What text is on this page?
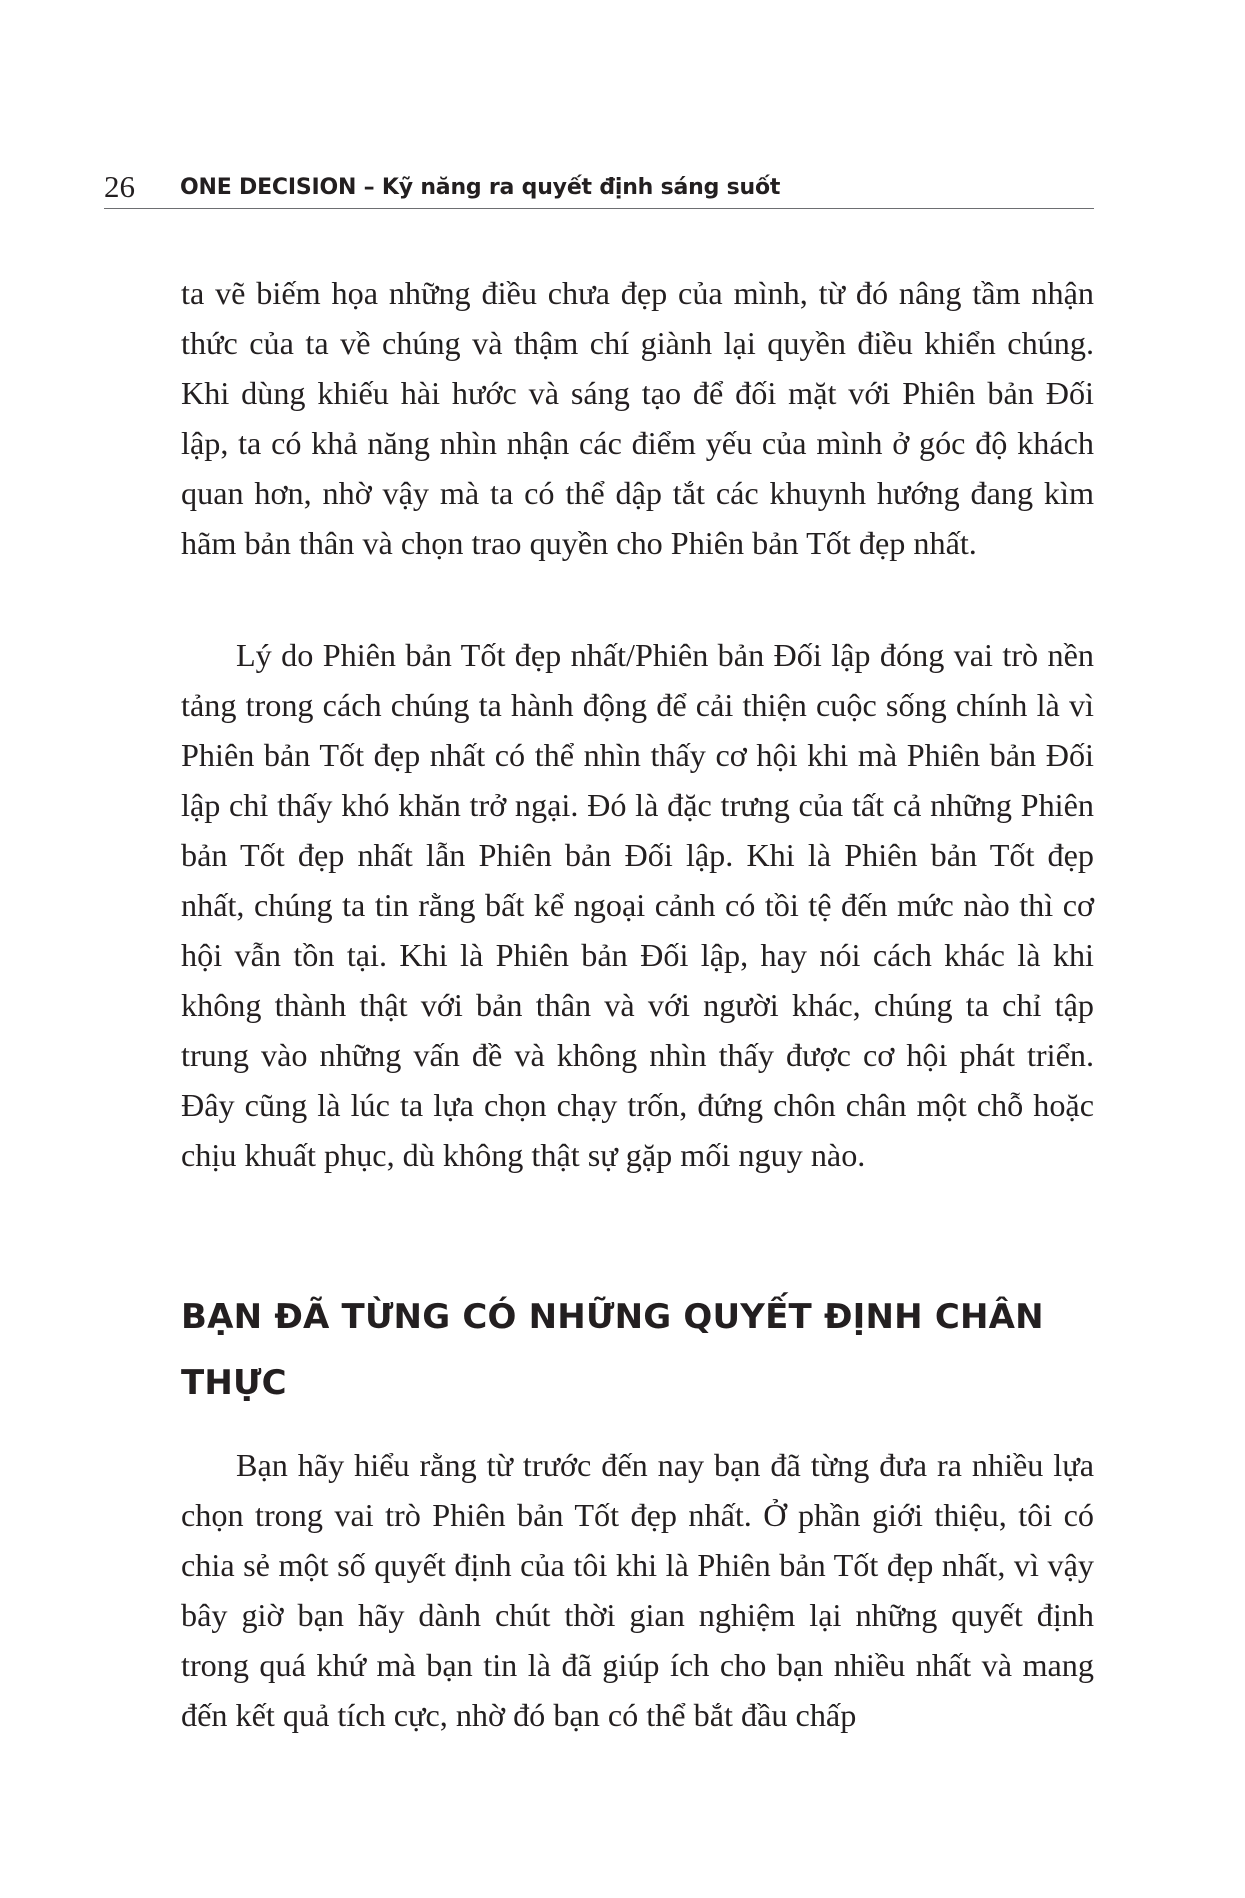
26 ONE DECISION – Kỹ năng ra quyết định sáng suốt

ta vẽ biếm họa những điều chưa đẹp của mình, từ đó nâng tầm nhận thức của ta về chúng và thậm chí giành lại quyền điều khiển chúng. Khi dùng khiếu hài hước và sáng tạo để đối mặt với Phiên bản Đối lập, ta có khả năng nhìn nhận các điểm yếu của mình ở góc độ khách quan hơn, nhờ vậy mà ta có thể dập tắt các khuynh hướng đang kìm hãm bản thân và chọn trao quyền cho Phiên bản Tốt đẹp nhất.

Lý do Phiên bản Tốt đẹp nhất/Phiên bản Đối lập đóng vai trò nền tảng trong cách chúng ta hành động để cải thiện cuộc sống chính là vì Phiên bản Tốt đẹp nhất có thể nhìn thấy cơ hội khi mà Phiên bản Đối lập chỉ thấy khó khăn trở ngại. Đó là đặc trưng của tất cả những Phiên bản Tốt đẹp nhất lẫn Phiên bản Đối lập. Khi là Phiên bản Tốt đẹp nhất, chúng ta tin rằng bất kể ngoại cảnh có tồi tệ đến mức nào thì cơ hội vẫn tồn tại. Khi là Phiên bản Đối lập, hay nói cách khác là khi không thành thật với bản thân và với người khác, chúng ta chỉ tập trung vào những vấn đề và không nhìn thấy được cơ hội phát triển. Đây cũng là lúc ta lựa chọn chạy trốn, đứng chôn chân một chỗ hoặc chịu khuất phục, dù không thật sự gặp mối nguy nào.

BẠN ĐÃ TỪNG CÓ NHỮNG QUYẾT ĐỊNH CHÂN THỰC

Bạn hãy hiểu rằng từ trước đến nay bạn đã từng đưa ra nhiều lựa chọn trong vai trò Phiên bản Tốt đẹp nhất. Ở phần giới thiệu, tôi có chia sẻ một số quyết định của tôi khi là Phiên bản Tốt đẹp nhất, vì vậy bây giờ bạn hãy dành chút thời gian nghiệm lại những quyết định trong quá khứ mà bạn tin là đã giúp ích cho bạn nhiều nhất và mang đến kết quả tích cực, nhờ đó bạn có thể bắt đầu chấp
